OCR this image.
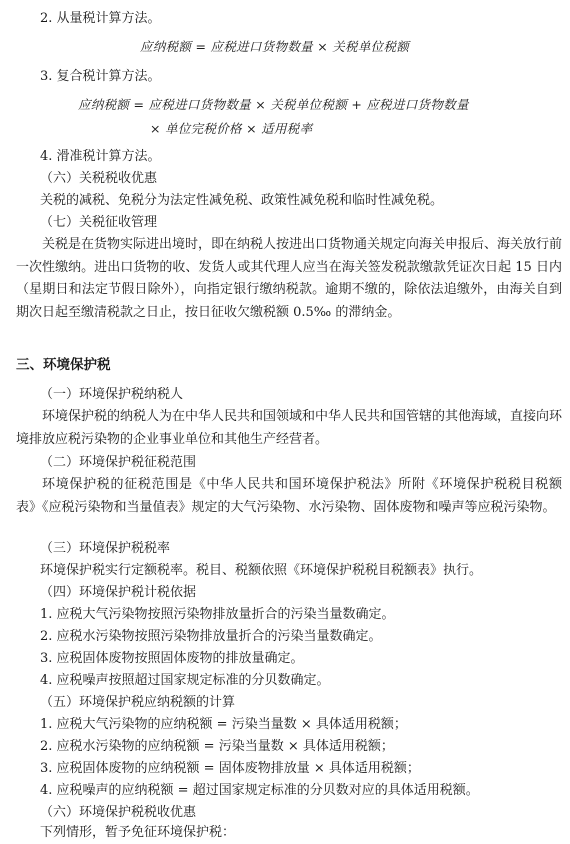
2. 从量税计算方法。
应纳税额 = 应税进口货物数量 × 关税单位税额
3. 复合税计算方法。
应纳税额 = 应税进口货物数量 × 关税单位税额 + 应税进口货物数量
× 单位完税价格 × 适用税率
4. 滑准税计算方法。
（六）关税税收优惠
关税的减税、免税分为法定性减免税、政策性减免税和临时性减免税。
（七）关税征收管理
关税是在货物实际进出境时，即在纳税人按进出口货物通关规定向海关申报后、海关放行前一次性缴纳。进出口货物的收、发货人或其代理人应当在海关签发税款缴款凭证次日起 15 日内（星期日和法定节假日除外），向指定银行缴纳税款。逾期不缴的，除依法追缴外，由海关自到期次日起至缴清税款之日止，按日征收欠缴税额 0.5‰ 的滞纳金。
三、环境保护税
（一）环境保护税纳税人
环境保护税的纳税人为在中华人民共和国领域和中华人民共和国管辖的其他海域，直接向环境排放应税污染物的企业事业单位和其他生产经营者。
（二）环境保护税征税范围
环境保护税的征税范围是《中华人民共和国环境保护税法》所附《环境保护税税目税额表》《应税污染物和当量值表》规定的大气污染物、水污染物、固体废物和噪声等应税污染物。
（三）环境保护税税率
环境保护税实行定额税率。税目、税额依照《环境保护税税目税额表》执行。
（四）环境保护税计税依据
1. 应税大气污染物按照污染物排放量折合的污染当量数确定。
2. 应税水污染物按照污染物排放量折合的污染当量数确定。
3. 应税固体废物按照固体废物的排放量确定。
4. 应税噪声按照超过国家规定标准的分贝数确定。
（五）环境保护税应纳税额的计算
1. 应税大气污染物的应纳税额 = 污染当量数 × 具体适用税额；
2. 应税水污染物的应纳税额 = 污染当量数 × 具体适用税额；
3. 应税固体废物的应纳税额 = 固体废物排放量 × 具体适用税额；
4. 应税噪声的应纳税额 = 超过国家规定标准的分贝数对应的具体适用税额。
（六）环境保护税税收优惠
下列情形，暂予免征环境保护税：
